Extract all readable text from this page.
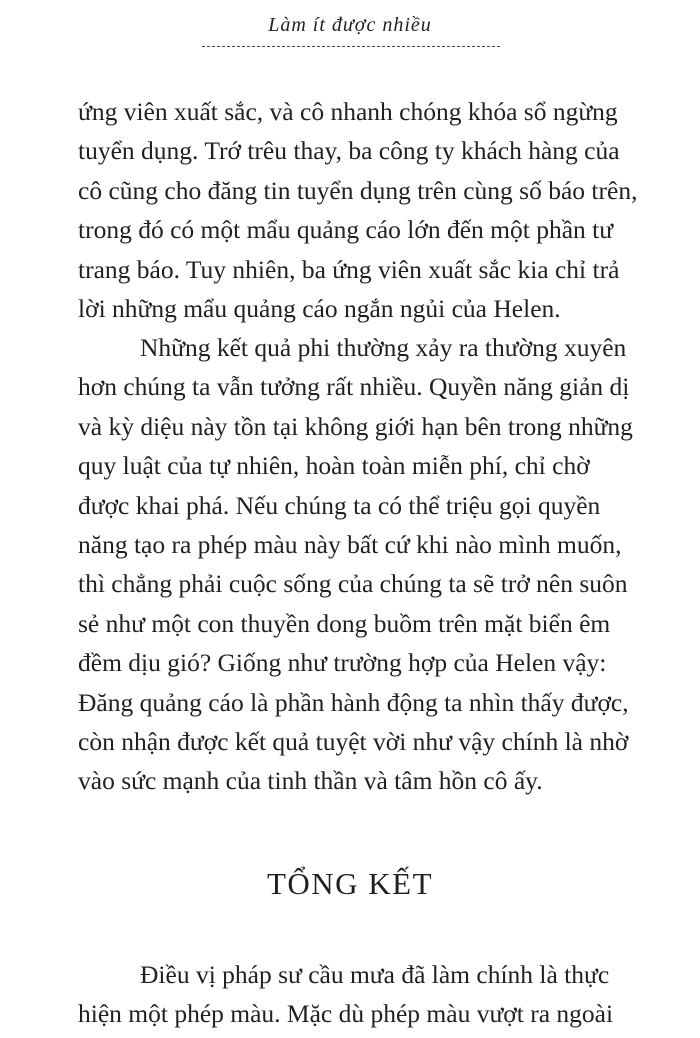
Làm ít được nhiều
ứng viên xuất sắc, và cô nhanh chóng khóa sổ ngừng
tuyển dụng. Trớ trêu thay, ba công ty khách hàng của
cô cũng cho đăng tin tuyển dụng trên cùng số báo trên,
trong đó có một mẩu quảng cáo lớn đến một phần tư
trang báo. Tuy nhiên, ba ứng viên xuất sắc kia chỉ trả
lời những mẩu quảng cáo ngắn ngủi của Helen.
Những kết quả phi thường xảy ra thường xuyên
hơn chúng ta vẫn tưởng rất nhiều. Quyền năng giản dị
và kỳ diệu này tồn tại không giới hạn bên trong những
quy luật của tự nhiên, hoàn toàn miễn phí, chỉ chờ
được khai phá. Nếu chúng ta có thể triệu gọi quyền
năng tạo ra phép màu này bất cứ khi nào mình muốn,
thì chẳng phải cuộc sống của chúng ta sẽ trở nên suôn
sẻ như một con thuyền dong buồm trên mặt biển êm
đềm dịu gió? Giống như trường hợp của Helen vậy:
Đăng quảng cáo là phần hành động ta nhìn thấy được,
còn nhận được kết quả tuyệt vời như vậy chính là nhờ
vào sức mạnh của tinh thần và tâm hồn cô ấy.
TỔNG KẾT
Điều vị pháp sư cầu mưa đã làm chính là thực
hiện một phép màu. Mặc dù phép màu vượt ra ngoài
